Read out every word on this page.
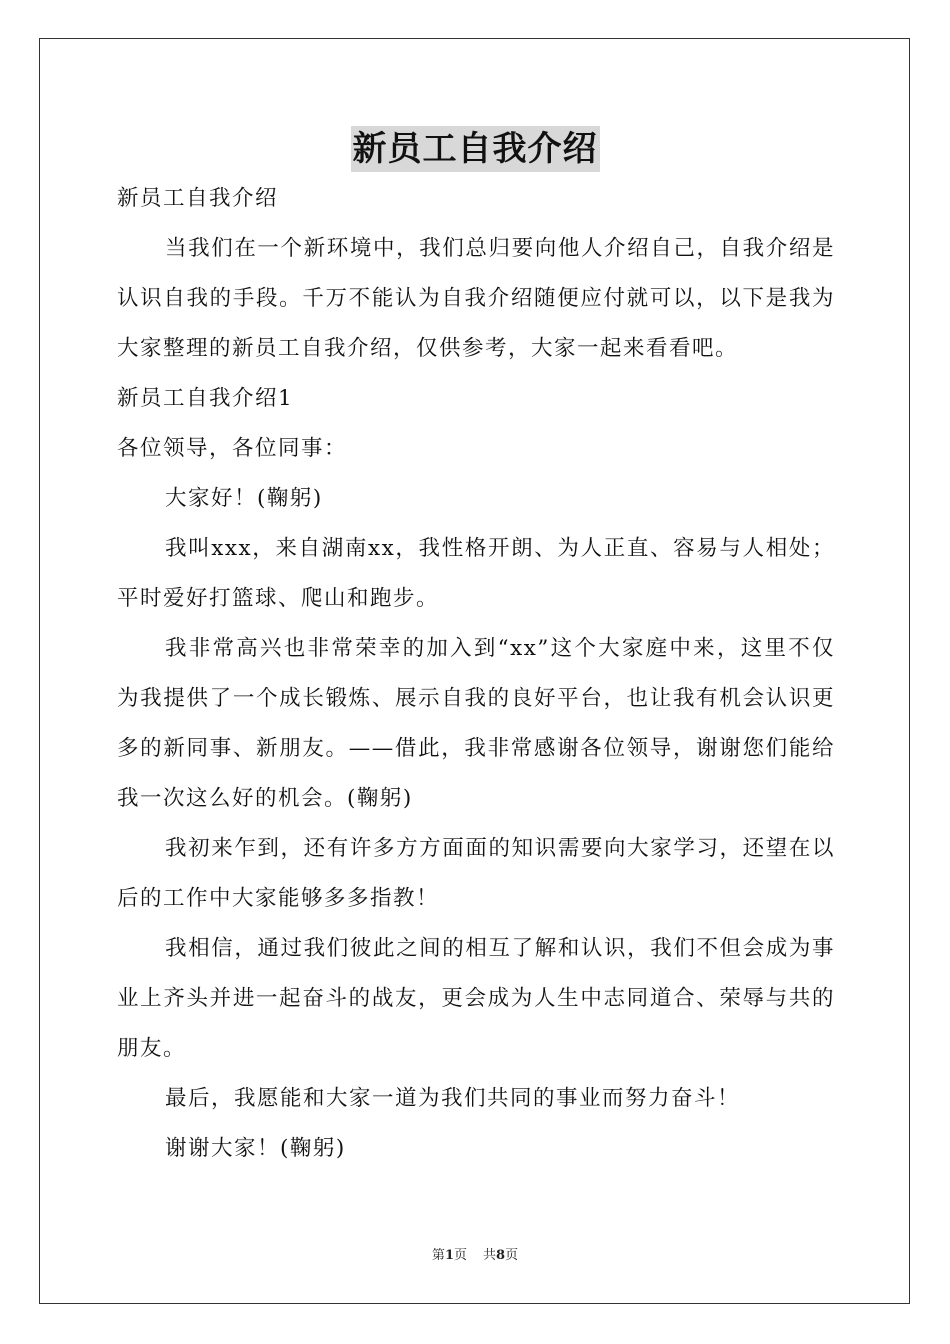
新员工自我介绍

新员工自我介绍

当我们在一个新环境中，我们总归要向他人介绍自己，自我介绍是认识自我的手段。千万不能认为自我介绍随便应付就可以，以下是我为大家整理的新员工自我介绍，仅供参考，大家一起来看看吧。

新员工自我介绍1

各位领导，各位同事：

大家好！(鞠躬)

我叫xxx，来自湖南xx，我性格开朗、为人正直、容易与人相处；平时爱好打篮球、爬山和跑步。

我非常高兴也非常荣幸的加入到“xx”这个大家庭中来，这里不仅为我提供了一个成长锻炼、展示自我的良好平台，也让我有机会认识更多的新同事、新朋友。——借此，我非常感谢各位领导，谢谢您们能给我一次这么好的机会。(鞠躬)

我初来乍到，还有许多方方面面的知识需要向大家学习，还望在以后的工作中大家能够多多指教！

我相信，通过我们彼此之间的相互了解和认识，我们不但会成为事业上齐头并进一起奋斗的战友，更会成为人生中志同道合、荣辱与共的朋友。

最后，我愿能和大家一道为我们共同的事业而努力奋斗！

谢谢大家！(鞠躬)

第1页 共8页
